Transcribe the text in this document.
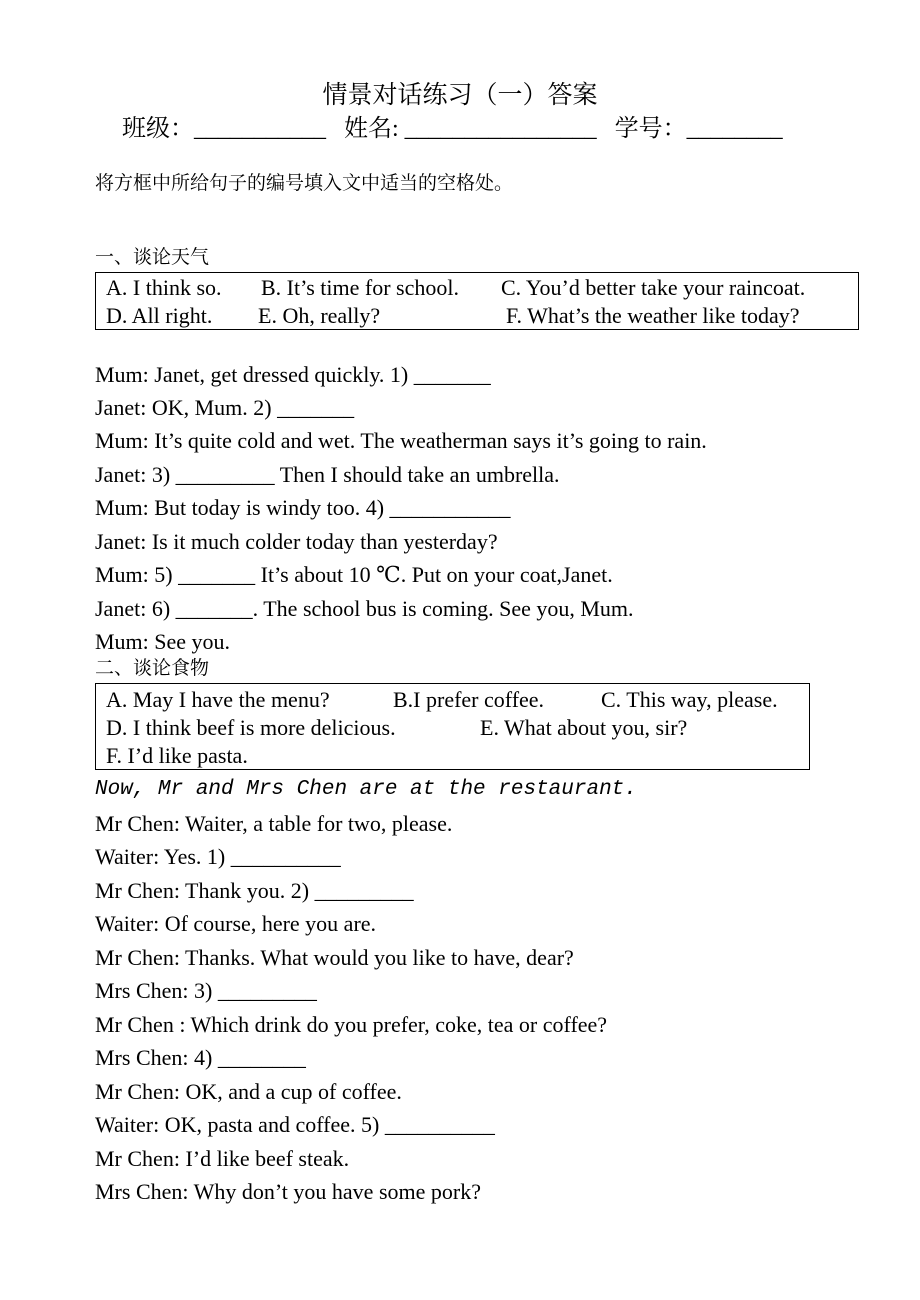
情景对话练习（一）答案
班级：___________ 姓名: ________________ 学号：________
将方框中所给句子的编号填入文中适当的空格处。
一、谈论天气
A. I think so. B. It’s time for school. C. You’d better take your raincoat.
D. All right. E. Oh, really?	F. What’s the weather like today?
Mum: Janet, get dressed quickly. 1) _______
Janet: OK, Mum. 2) _______
Mum: It’s quite cold and wet. The weatherman says it’s going to rain.
Janet: 3) _________ Then I should take an umbrella.
Mum: But today is windy too. 4) ___________
Janet: Is it much colder today than yesterday?
Mum: 5) _______ It’s about 10 ℃. Put on your coat,Janet.
Janet: 6) _______. The school bus is coming. See you, Mum.
Mum: See you.
二、谈论食物
A. May I have the menu?	B.I prefer coffee.	C. This way, please.
D. I think beef is more delicious.	E. What about you, sir?
F. I’d like pasta.
Now, Mr and Mrs Chen are at the restaurant.
Mr Chen: Waiter, a table for two, please.
Waiter: Yes. 1) __________
Mr Chen: Thank you. 2) _________
Waiter: Of course, here you are.
Mr Chen: Thanks. What would you like to have, dear?
Mrs Chen: 3) _________
Mr Chen : Which drink do you prefer, coke, tea or coffee?
Mrs Chen: 4) ________
Mr Chen: OK, and a cup of coffee.
Waiter: OK, pasta and coffee. 5) __________
Mr Chen: I’d like beef steak.
Mrs Chen: Why don’t you have some pork?
